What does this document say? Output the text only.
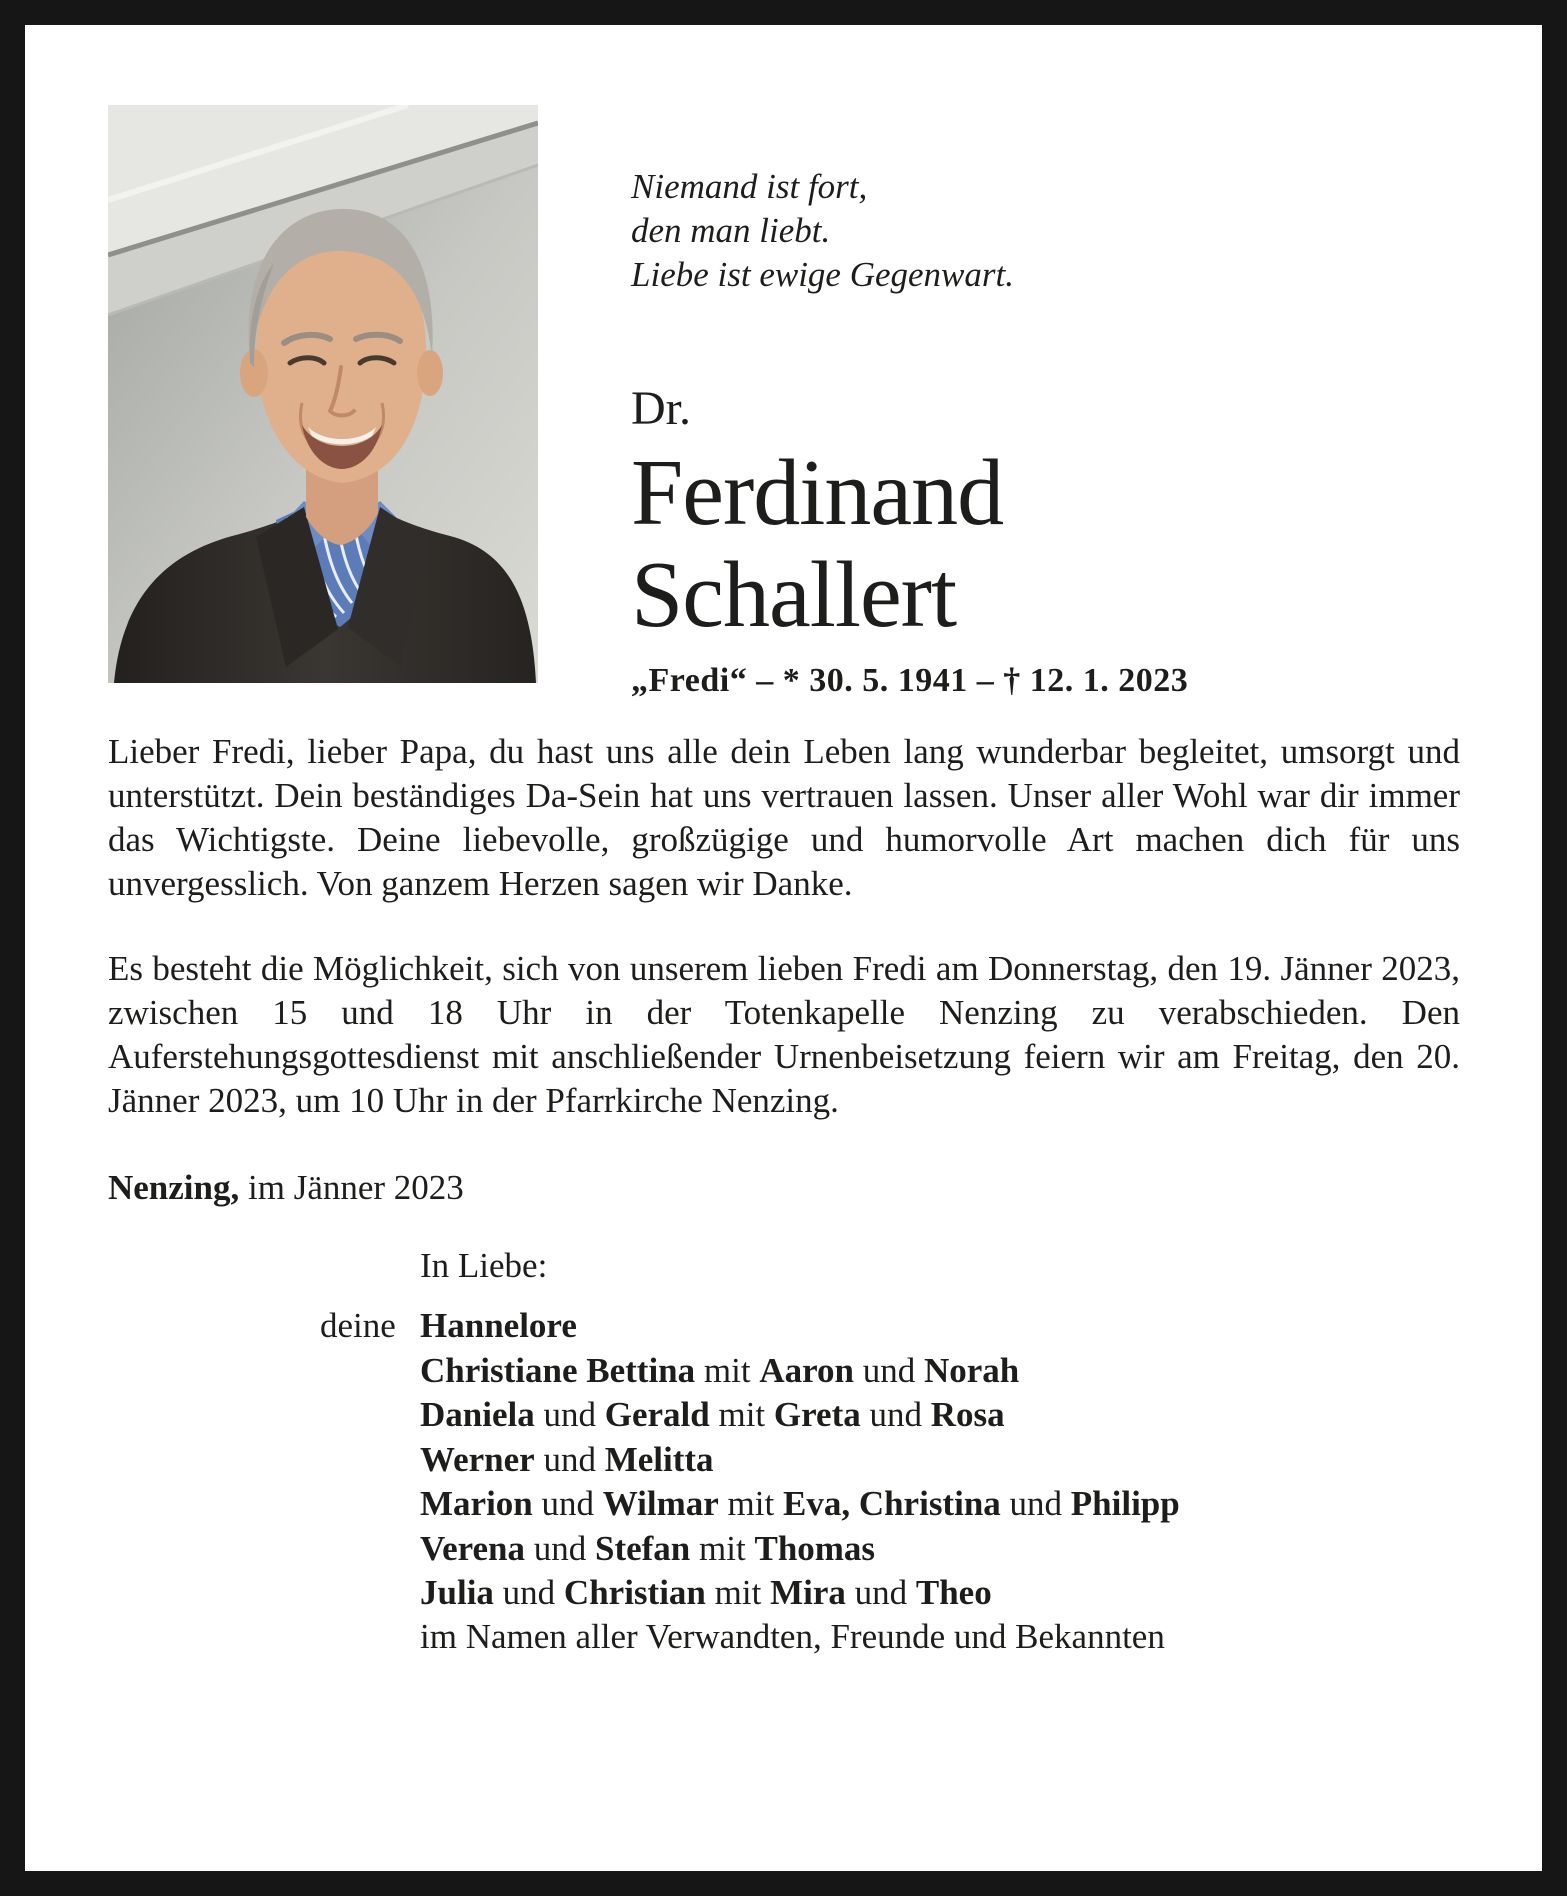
Niemand ist fort,
den man liebt.
Liebe ist ewige Gegenwart.
Dr.
Ferdinand
Schallert
„Fredi“ – * 30. 5. 1941 – † 12. 1. 2023

Lieber Fredi, lieber Papa, du hast uns alle dein Leben lang wunderbar begleitet, umsorgt und unterstützt. Dein beständiges Da-Sein hat uns vertrauen lassen. Unser aller Wohl war dir immer das Wichtigste. Deine liebevolle, großzügige und humorvolle Art machen dich für uns unvergesslich. Von ganzem Herzen sagen wir Danke.

Es besteht die Möglichkeit, sich von unserem lieben Fredi am Donnerstag, den 19. Jänner 2023, zwischen 15 und 18 Uhr in der Totenkapelle Nenzing zu verabschieden. Den Auferstehungsgottesdienst mit anschließender Urnenbeisetzung feiern wir am Freitag, den 20. Jänner 2023, um 10 Uhr in der Pfarrkirche Nenzing.

Nenzing, im Jänner 2023

In Liebe:
deine Hannelore
Christiane Bettina mit Aaron und Norah
Daniela und Gerald mit Greta und Rosa
Werner und Melitta
Marion und Wilmar mit Eva, Christina und Philipp
Verena und Stefan mit Thomas
Julia und Christian mit Mira und Theo
im Namen aller Verwandten, Freunde und Bekannten
